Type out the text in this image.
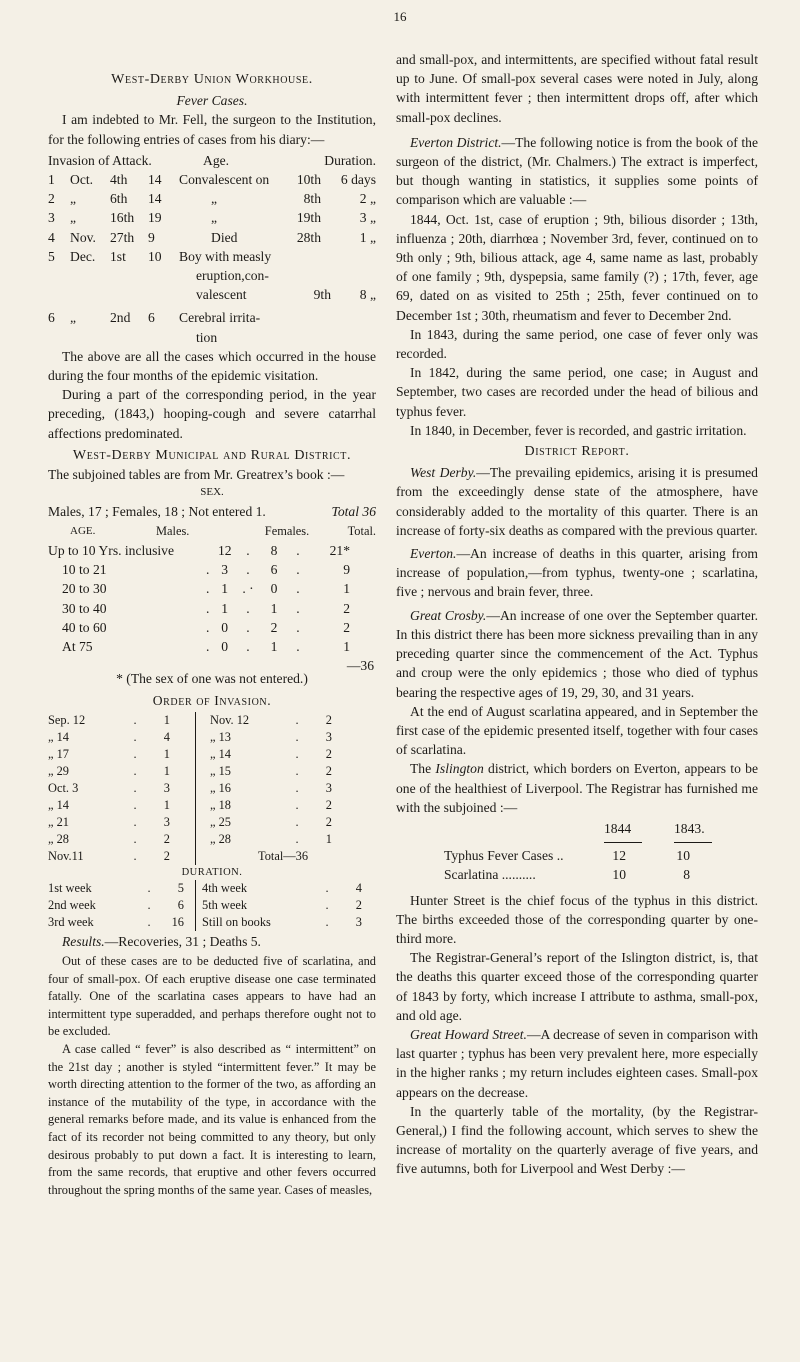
16
West-Derby Union Workhouse.
Fever Cases.
I am indebted to Mr. Fell, the surgeon to the Institution, for the following entries of cases from his diary:—
Invasion of Attack.	Age.	Duration.
1	Oct.	4th	14	Convalescent on	10th	6 days
2	„	6th	14	„	8th	2 „
3	„	16th	19	„	19th	3 „
4	Nov.	27th	9	Died	28th	1 „
5	Dec.	1st	10	Boy with measly
eruption,con-
valescent	9th	8 „
6	„	2nd	6	Cerebral irrita-
tion
The above are all the cases which occurred in the house during the four months of the epidemic visitation.
During a part of the corresponding period, in the year preceding, (1843,) hooping-cough and severe catarrhal affections predominated.
West-Derby Municipal and Rural District.
The subjoined tables are from Mr. Greatrex’s book :—
SEX.
Males, 17 ; Females, 18 ; Not entered 1.	Total 36
AGE.	Males.	Females.	Total.
Up to 10 Yrs. inclusive	12	.	8	.	21*
10 to 21	. 3	.	6	.	9
20 to 30	. 1	. ·	0	.	1
30 to 40	. 1	.	1	.	2
40 to 60	. 0	.	2	.	2
At 75	. 0	.	1	.	1
—36
* (The sex of one was not entered.)
Order of Invasion.
Sep. 12	.	1
„ 14	.	4
„ 17	.	1
„ 29	.	1
Oct. 3	.	3
„ 14	.	1
„ 21	.	3
„ 28	.	2
Nov.11	.	2
Nov. 12	.	2
„ 13	.	3
„ 14	.	2
„ 15	.	2
„ 16	.	3
„ 18	.	2
„ 25	.	2
„ 28	.	1
Total—36
DURATION.
1st week	.	5
2nd week	.	6
3rd week	.	16
4th week	.	4
5th week	.	2
Still on books	.	3
Results.—Recoveries, 31 ; Deaths 5.
Out of these cases are to be deducted five of scarlatina, and four of small-pox. Of each eruptive disease one case terminated fatally. One of the scarlatina cases appears to have had an intermittent type superadded, and perhaps therefore ought not to be excluded.
A case called “ fever” is also described as “ intermittent” on the 21st day ; another is styled “intermittent fever.” It may be worth directing attention to the former of the two, as affording an instance of the mutability of the type, in accordance with the general remarks before made, and its value is enhanced from the fact of its recorder not being committed to any theory, but only desirous probably to put down a fact. It is interesting to learn, from the same records, that eruptive and other fevers occurred throughout the spring months of the same year. Cases of measles,
and small-pox, and intermittents, are specified without fatal result up to June. Of small-pox several cases were noted in July, along with intermittent fever ; then intermittent drops off, after which small-pox declines.
Everton District.—The following notice is from the book of the surgeon of the district, (Mr. Chalmers.) The extract is imperfect, but though wanting in statistics, it supplies some points of comparison which are valuable :—
1844, Oct. 1st, case of eruption ; 9th, bilious disorder ; 13th, influenza ; 20th, diarrhœa ; November 3rd, fever, continued on to 9th only ; 9th, bilious attack, age 4, same name as last, probably of one family ; 9th, dyspepsia, same family (?) ; 17th, fever, age 69, dated on as visited to 25th ; 25th, fever continued on to December 1st ; 30th, rheumatism and fever to December 2nd.
In 1843, during the same period, one case of fever only was recorded.
In 1842, during the same period, one case; in August and September, two cases are recorded under the head of bilious and typhus fever.
In 1840, in December, fever is recorded, and gastric irritation.
District Report.
West Derby.—The prevailing epidemics, arising it is presumed from the exceedingly dense state of the atmosphere, have considerably added to the mortality of this quarter. There is an increase of forty-six deaths as compared with the previous quarter.
Everton.—An increase of deaths in this quarter, arising from increase of population,—from typhus, twenty-one ; scarlatina, five ; nervous and brain fever, three.
Great Crosby.—An increase of one over the September quarter. In this district there has been more sickness prevailing than in any preceding quarter since the commencement of the Act. Typhus and croup were the only epidemics ; those who died of typhus bearing the respective ages of 19, 29, 30, and 31 years.
At the end of August scarlatina appeared, and in September the first case of the epidemic presented itself, together with four cases of scarlatina.
The Islington district, which borders on Everton, appears to be one of the healthiest of Liverpool. The Registrar has furnished me with the subjoined :—
1844	1843.
Typhus Fever Cases ..	12	10
Scarlatina ..........	10	8
Hunter Street is the chief focus of the typhus in this district. The births exceeded those of the corresponding quarter by one-third more.
The Registrar-General’s report of the Islington district, is, that the deaths this quarter exceed those of the corresponding quarter of 1843 by forty, which increase I attribute to asthma, small-pox, and old age.
Great Howard Street.—A decrease of seven in comparison with last quarter ; typhus has been very prevalent here, more especially in the higher ranks ; my return includes eighteen cases. Small-pox appears on the decrease.
In the quarterly table of the mortality, (by the Registrar-General,) I find the following account, which serves to shew the increase of mortality on the quarterly average of five years, and five autumns, both for Liverpool and West Derby :—
